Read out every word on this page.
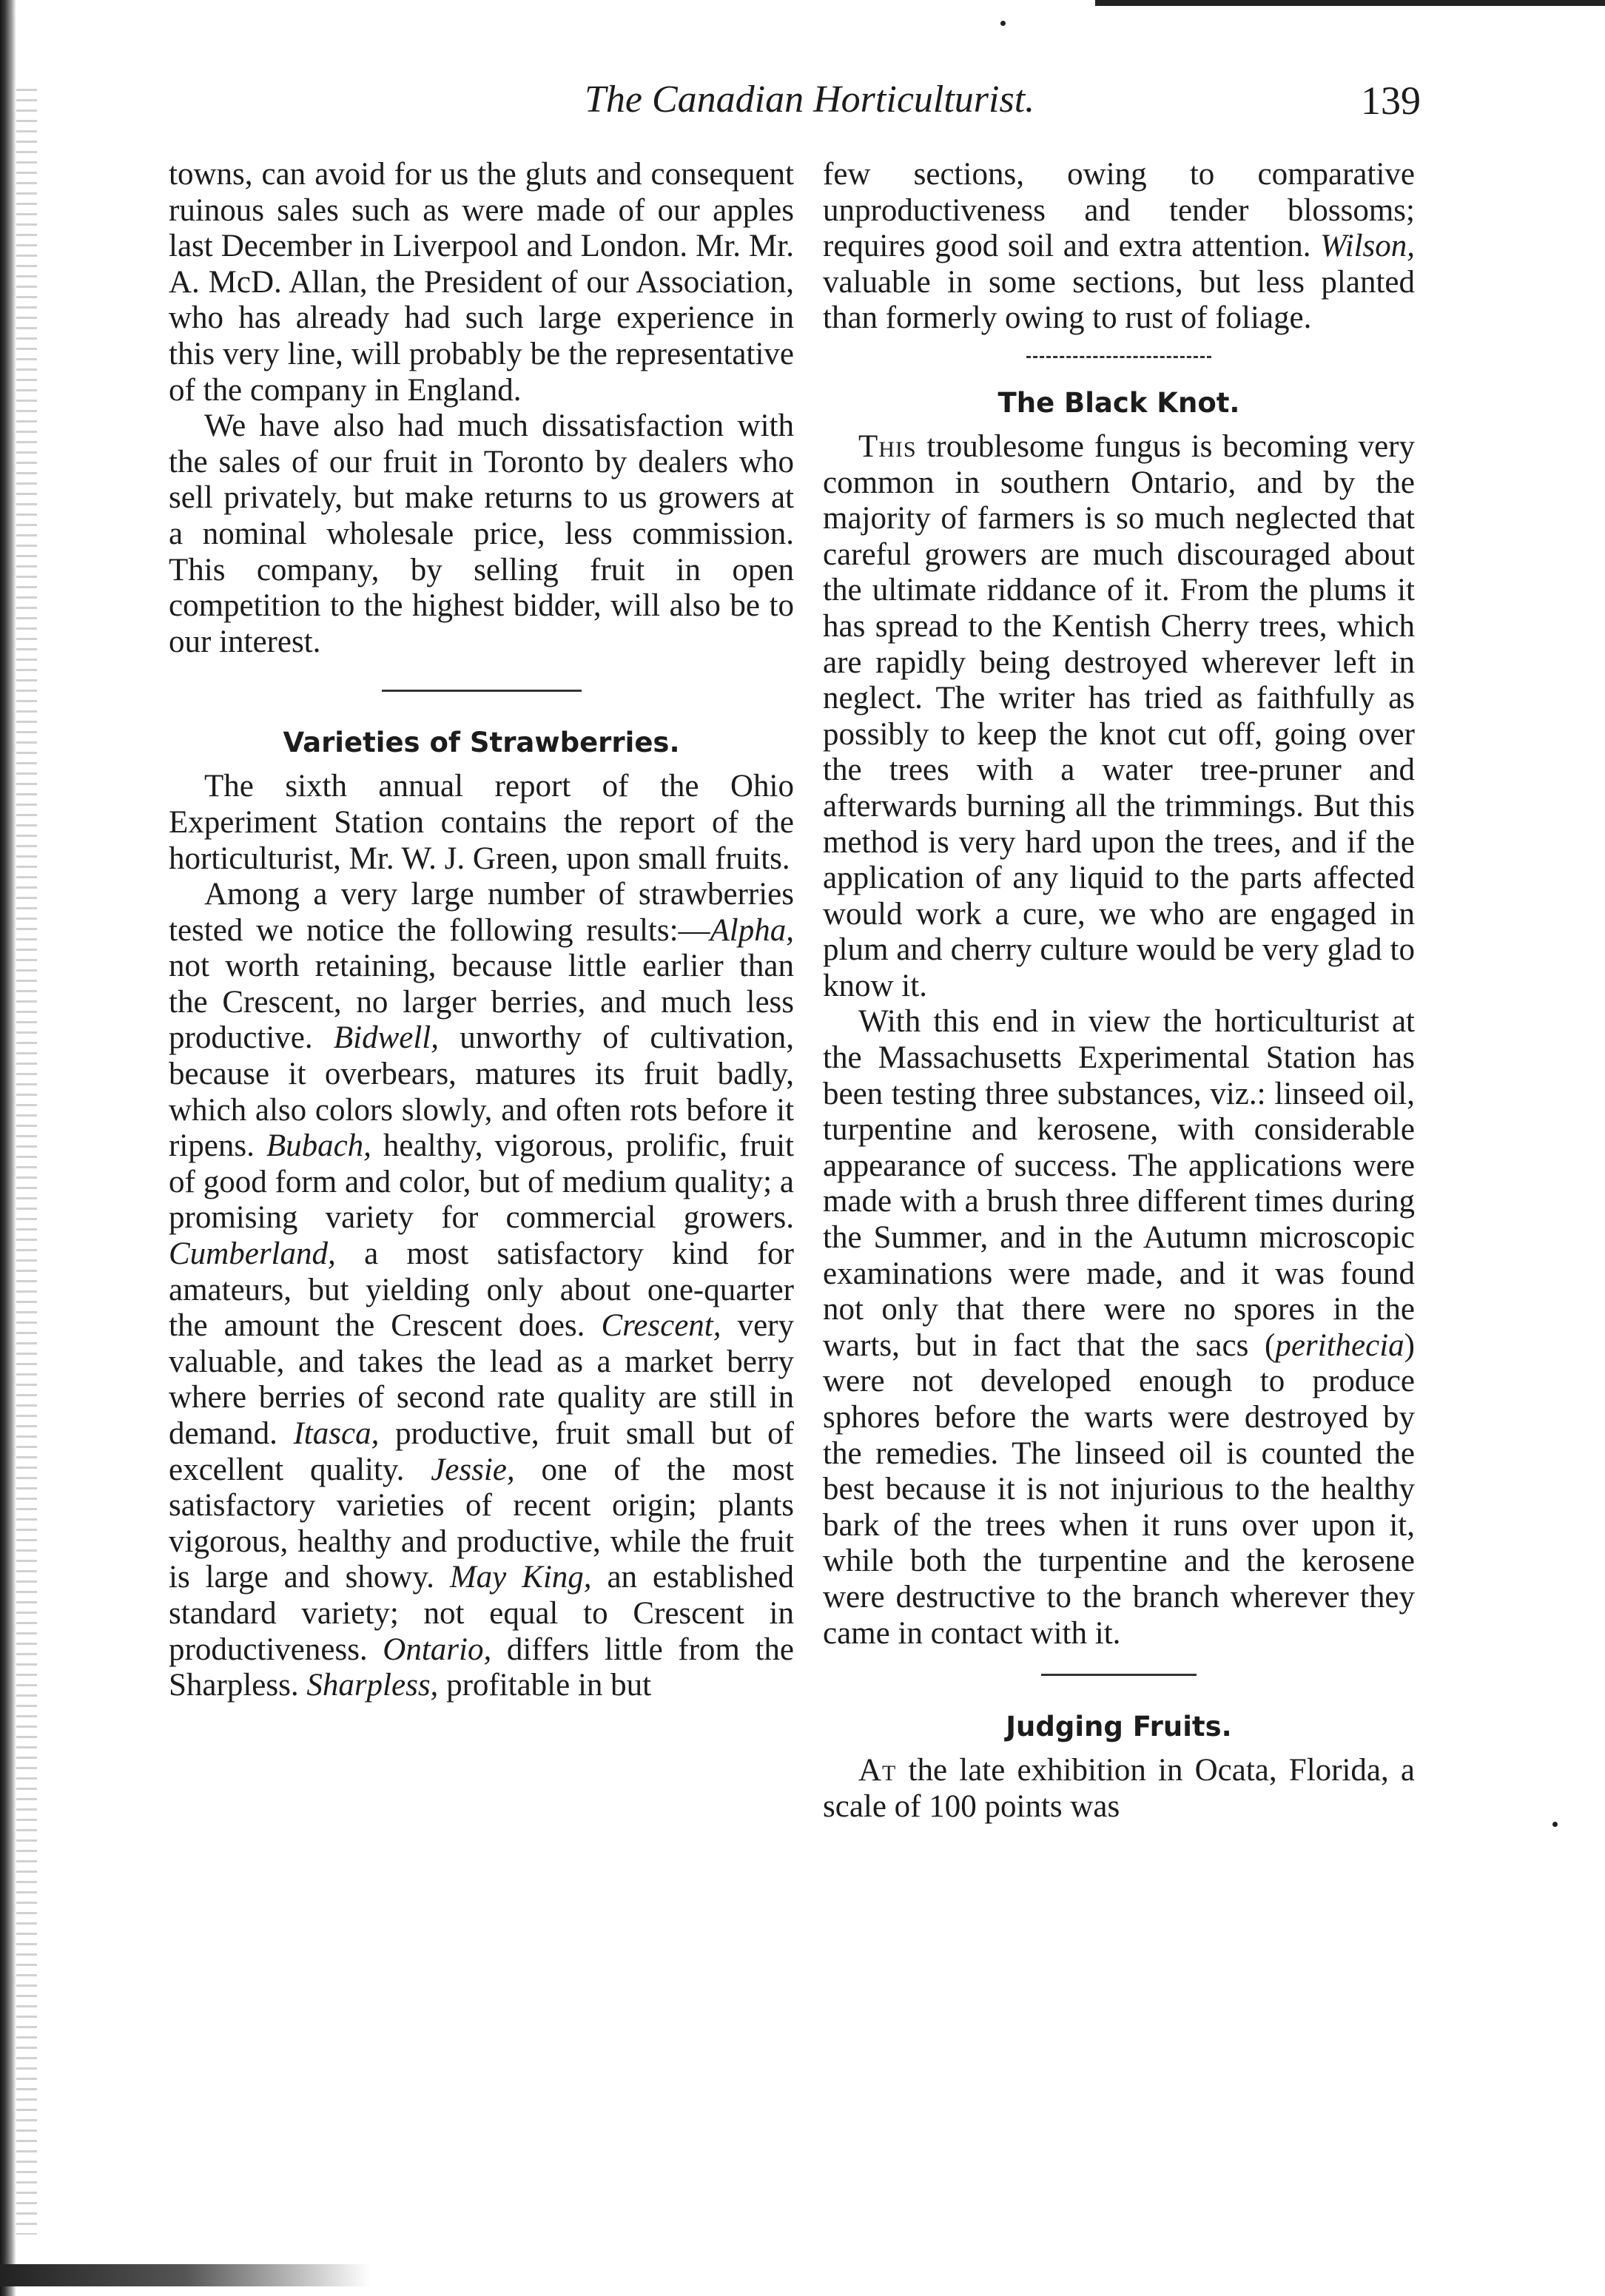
The Canadian Horticulturist.	139

towns, can avoid for us the gluts and consequent ruinous sales such as were made of our apples last December in Liverpool and London. Mr. Mr. A. McD. Allan, the President of our Association, who has already had such large experience in this very line, will probably be the representative of the company in England.

We have also had much dissatisfaction with the sales of our fruit in Toronto by dealers who sell privately, but make returns to us growers at a nominal wholesale price, less commission. This company, by selling fruit in open competition to the highest bidder, will also be to our interest.

Varieties of Strawberries.

The sixth annual report of the Ohio Experiment Station contains the report of the horticulturist, Mr. W. J. Green, upon small fruits.

Among a very large number of strawberries tested we notice the following results:—Alpha, not worth retaining, because little earlier than the Crescent, no larger berries, and much less productive. Bidwell, unworthy of cultivation, because it overbears, matures its fruit badly, which also colors slowly, and often rots before it ripens. Bubach, healthy, vigorous, prolific, fruit of good form and color, but of medium quality; a promising variety for commercial growers. Cumberland, a most satisfactory kind for amateurs, but yielding only about one-quarter the amount the Crescent does. Crescent, very valuable, and takes the lead as a market berry where berries of second rate quality are still in demand. Itasca, productive, fruit small but of excellent quality. Jessie, one of the most satisfactory varieties of recent origin; plants vigorous, healthy and productive, while the fruit is large and showy. May King, an established standard variety; not equal to Crescent in productiveness. Ontario, differs little from the Sharpless. Sharpless, profitable in but

few sections, owing to comparative unproductiveness and tender blossoms; requires good soil and extra attention. Wilson, valuable in some sections, but less planted than formerly owing to rust of foliage.

The Black Knot.

This troublesome fungus is becoming very common in southern Ontario, and by the majority of farmers is so much neglected that careful growers are much discouraged about the ultimate riddance of it. From the plums it has spread to the Kentish Cherry trees, which are rapidly being destroyed wherever left in neglect. The writer has tried as faithfully as possibly to keep the knot cut off, going over the trees with a water tree-pruner and afterwards burning all the trimmings. But this method is very hard upon the trees, and if the application of any liquid to the parts affected would work a cure, we who are engaged in plum and cherry culture would be very glad to know it.

With this end in view the horticulturist at the Massachusetts Experimental Station has been testing three substances, viz.: linseed oil, turpentine and kerosene, with considerable appearance of success. The applications were made with a brush three different times during the Summer, and in the Autumn microscopic examinations were made, and it was found not only that there were no spores in the warts, but in fact that the sacs (perithecia) were not developed enough to produce sphores before the warts were destroyed by the remedies. The linseed oil is counted the best because it is not injurious to the healthy bark of the trees when it runs over upon it, while both the turpentine and the kerosene were destructive to the branch wherever they came in contact with it.

Judging Fruits.

At the late exhibition in Ocata, Florida, a scale of 100 points was
